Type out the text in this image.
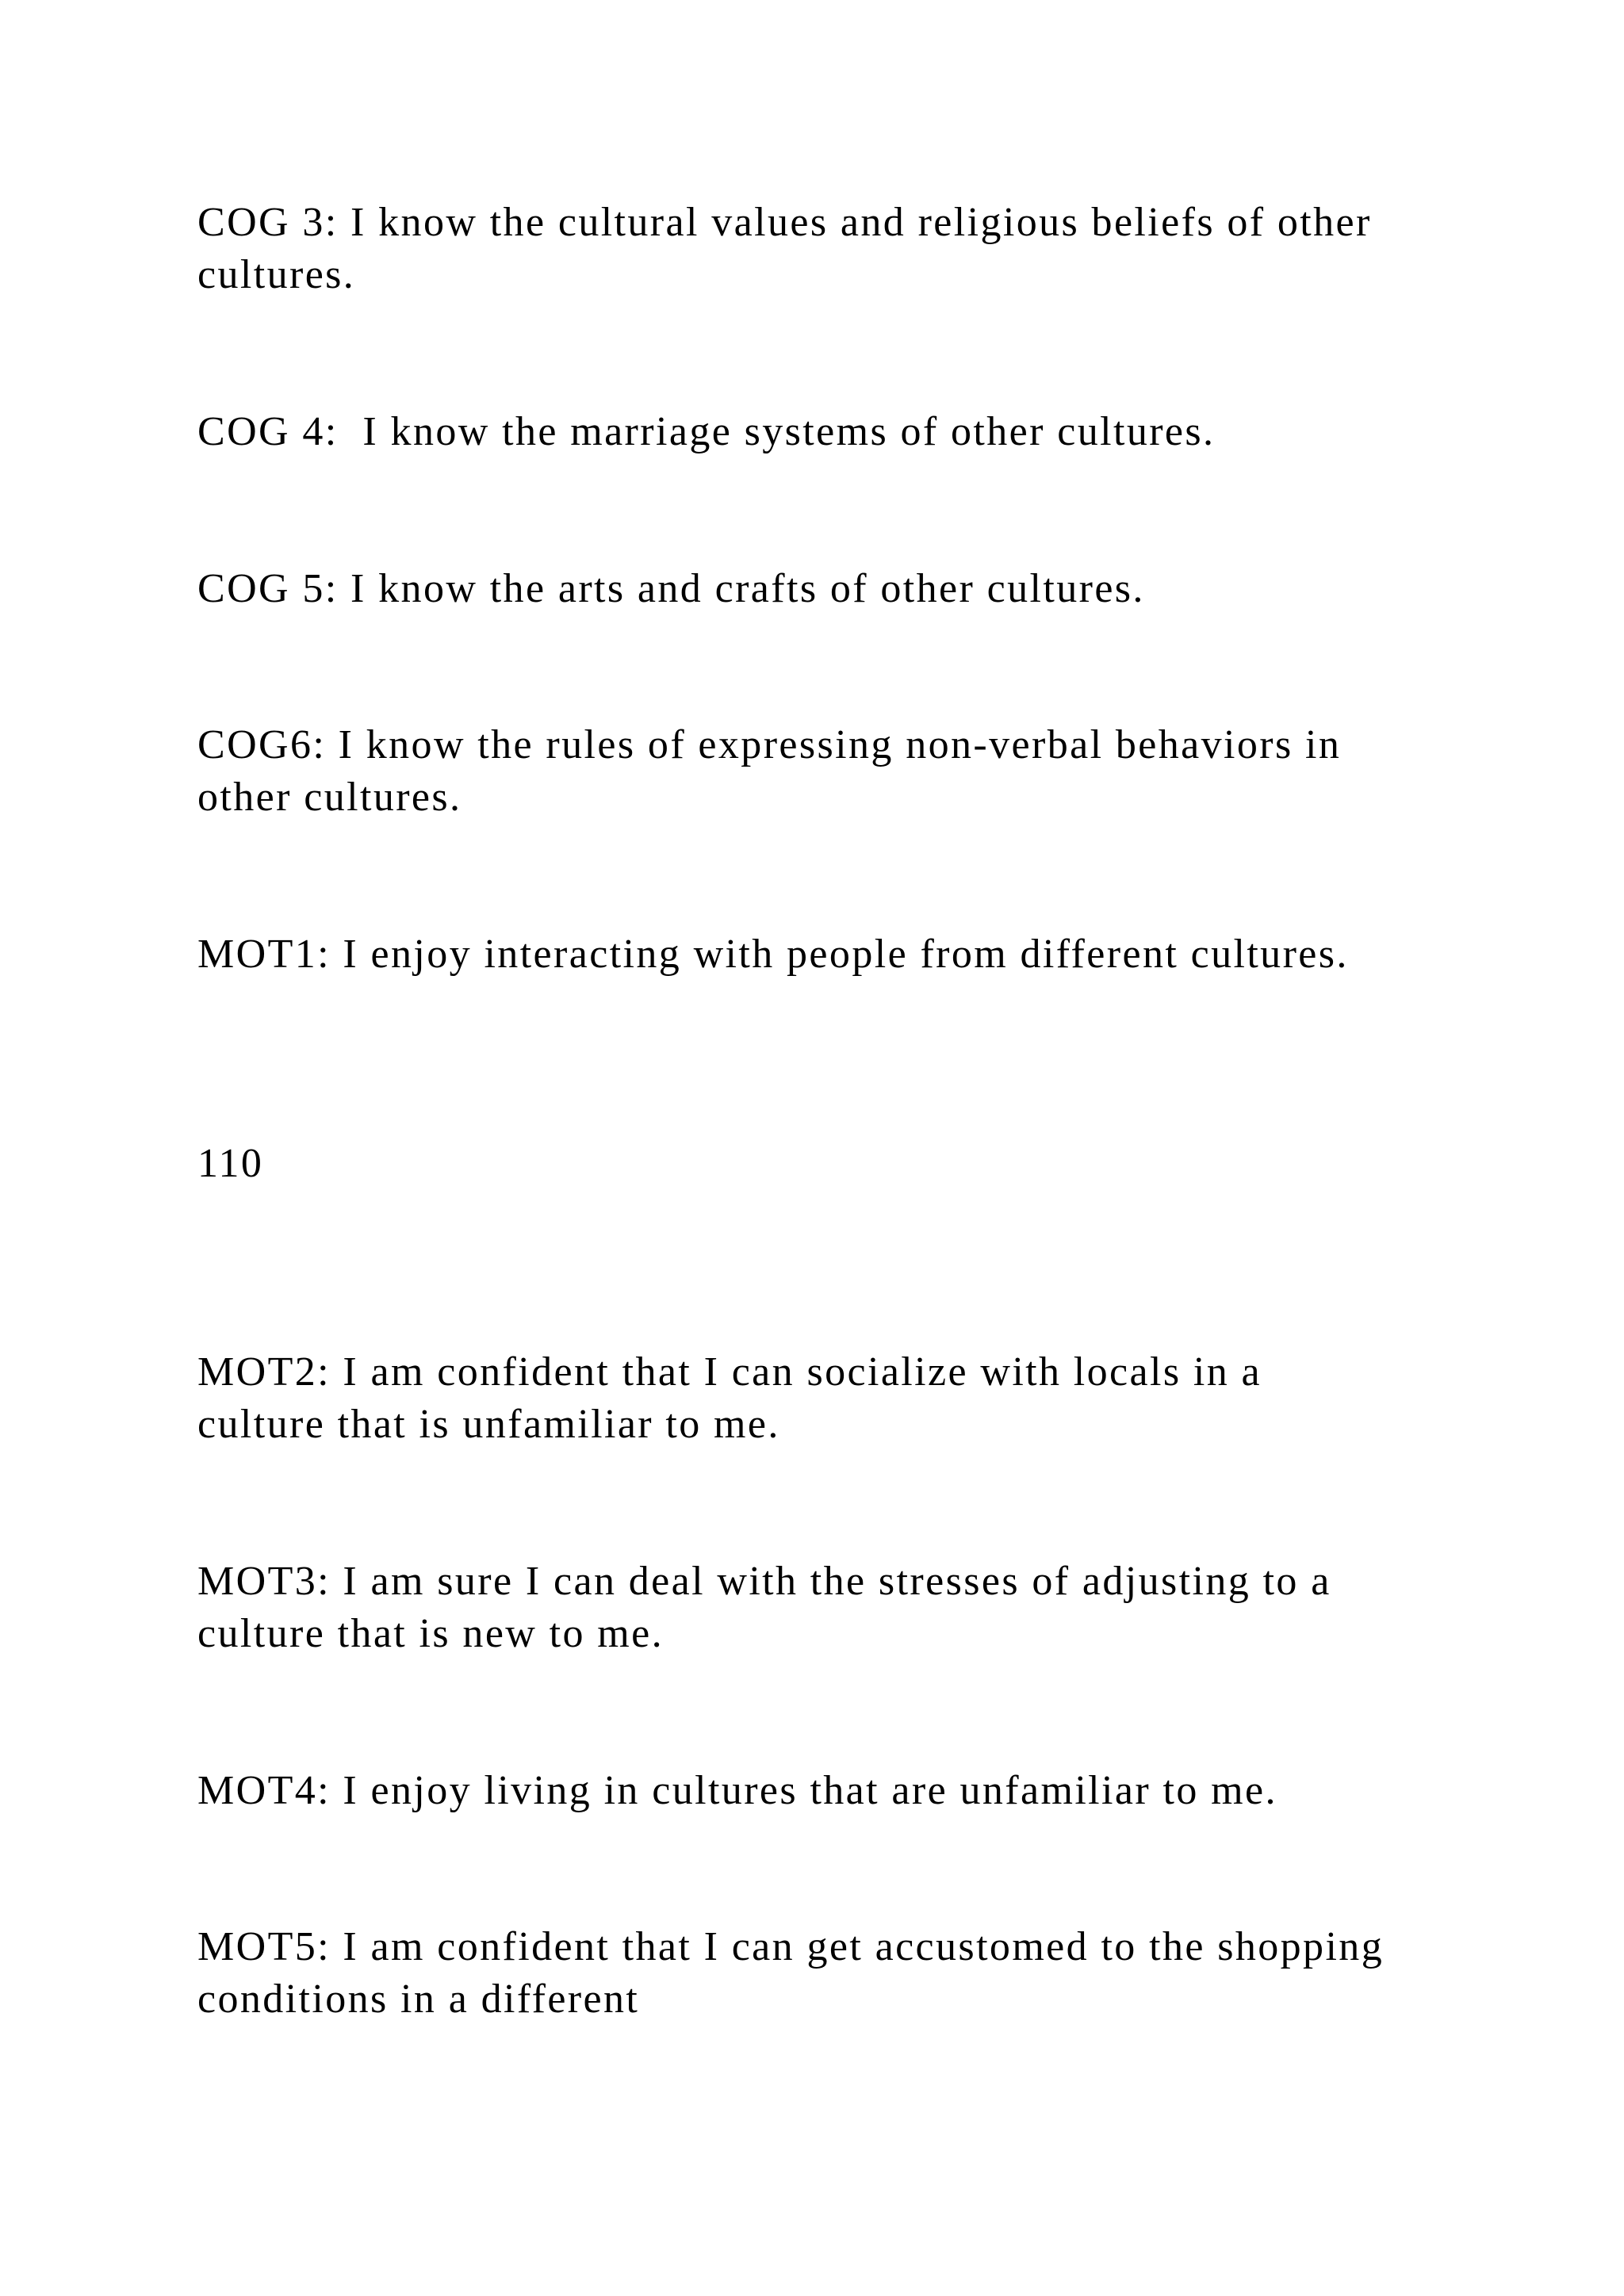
COG 3: I know the cultural values and religious beliefs of other

cultures.

COG 4:  I know the marriage systems of other cultures.

COG 5: I know the arts and crafts of other cultures.

COG6: I know the rules of expressing non-verbal behaviors in

other cultures.

MOT1: I enjoy interacting with people from different cultures.

110

MOT2: I am confident that I can socialize with locals in a

culture that is unfamiliar to me.

MOT3: I am sure I can deal with the stresses of adjusting to a

culture that is new to me.

MOT4: I enjoy living in cultures that are unfamiliar to me.

MOT5: I am confident that I can get accustomed to the shopping

conditions in a different
